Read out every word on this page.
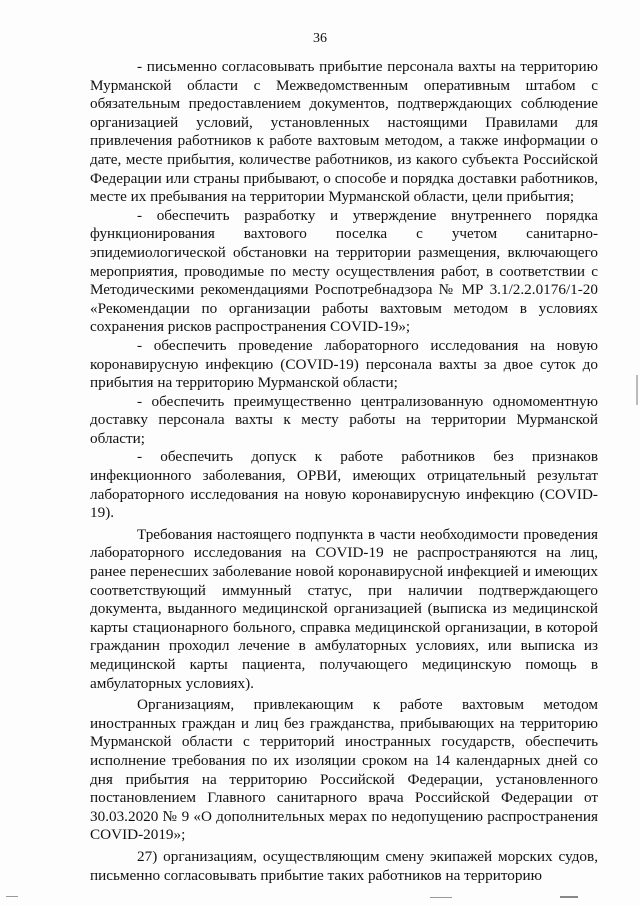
36

- письменно согласовывать прибытие персонала вахты на территорию Мурманской области с Межведомственным оперативным штабом с обязательным предоставлением документов, подтверждающих соблюдение организацией условий, установленных настоящими Правилами для привлечения работников к работе вахтовым методом, а также информации о дате, месте прибытия, количестве работников, из какого субъекта Российской Федерации или страны прибывают, о способе и порядка доставки работников, месте их пребывания на территории Мурманской области, цели прибытия;

- обеспечить разработку и утверждение внутреннего порядка функционирования вахтового поселка с учетом санитарно-эпидемиологической обстановки на территории размещения, включающего мероприятия, проводимые по месту осуществления работ, в соответствии с Методическими рекомендациями Роспотребнадзора № МР 3.1/2.2.0176/1-20 «Рекомендации по организации работы вахтовым методом в условиях сохранения рисков распространения COVID-19»;

- обеспечить проведение лабораторного исследования на новую коронавирусную инфекцию (COVID-19) персонала вахты за двое суток до прибытия на территорию Мурманской области;

- обеспечить преимущественно централизованную одномоментную доставку персонала вахты к месту работы на территории Мурманской области;

- обеспечить допуск к работе работников без признаков инфекционного заболевания, ОРВИ, имеющих отрицательный результат лабораторного исследования на новую коронавирусную инфекцию (COVID-19).

Требования настоящего подпункта в части необходимости проведения лабораторного исследования на COVID-19 не распространяются на лиц, ранее перенесших заболевание новой коронавирусной инфекцией и имеющих соответствующий иммунный статус, при наличии подтверждающего документа, выданного медицинской организацией (выписка из медицинской карты стационарного больного, справка медицинской организации, в которой гражданин проходил лечение в амбулаторных условиях, или выписка из медицинской карты пациента, получающего медицинскую помощь в амбулаторных условиях).

Организациям, привлекающим к работе вахтовым методом иностранных граждан и лиц без гражданства, прибывающих на территорию Мурманской области с территорий иностранных государств, обеспечить исполнение требования по их изоляции сроком на 14 календарных дней со дня прибытия на территорию Российской Федерации, установленного постановлением Главного санитарного врача Российской Федерации от 30.03.2020 № 9 «О дополнительных мерах по недопущению распространения COVID-2019»;

27) организациям, осуществляющим смену экипажей морских судов, письменно согласовывать прибытие таких работников на территорию
